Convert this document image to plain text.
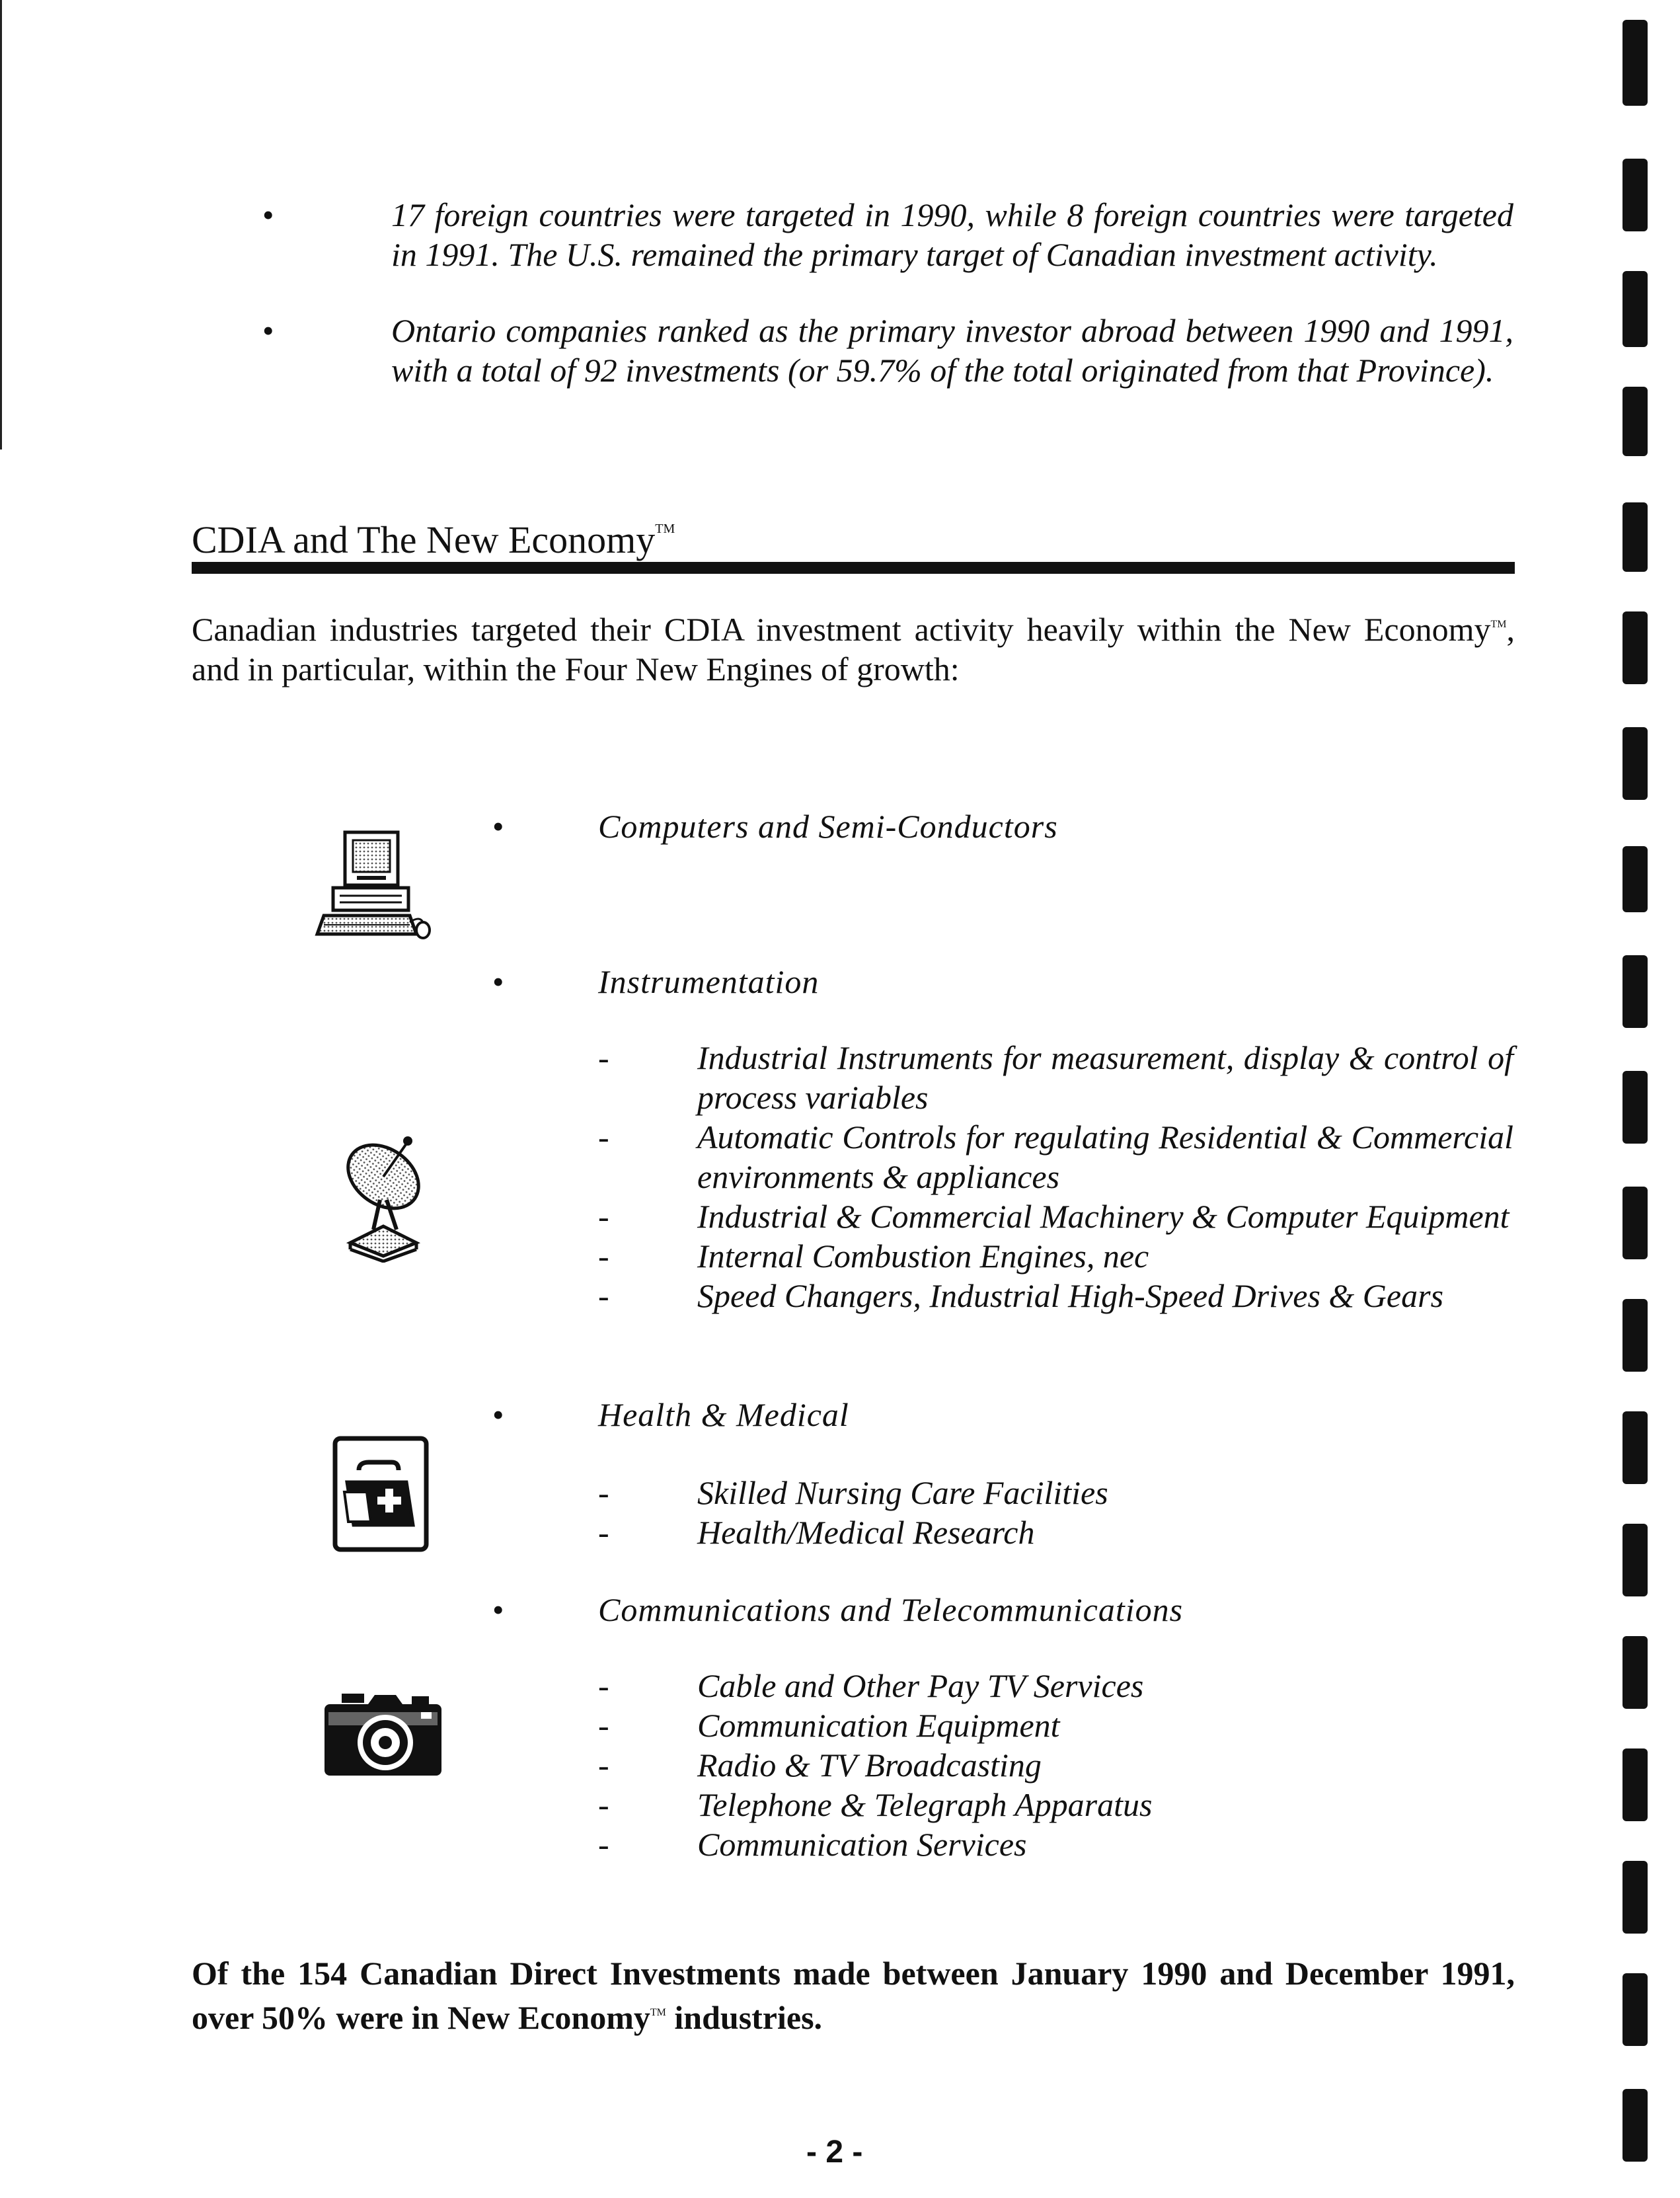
•	17 foreign countries were targeted in 1990, while 8 foreign countries were targeted in 1991. The U.S. remained the primary target of Canadian investment activity.
•	Ontario companies ranked as the primary investor abroad between 1990 and 1991, with a total of 92 investments (or 59.7% of the total originated from that Province).
CDIA and The New Economy™
Canadian industries targeted their CDIA investment activity heavily within the New Economy™, and in particular, within the Four New Engines of growth:
•	Computers and Semi-Conductors
•	Instrumentation
-	Industrial Instruments for measurement, display & control of process variables
-	Automatic Controls for regulating Residential & Commercial environments & appliances
-	Industrial & Commercial Machinery & Computer Equipment
-	Internal Combustion Engines, nec
-	Speed Changers, Industrial High-Speed Drives & Gears
•	Health & Medical
-	Skilled Nursing Care Facilities
-	Health/Medical Research
•	Communications and Telecommunications
-	Cable and Other Pay TV Services
-	Communication Equipment
-	Radio & TV Broadcasting
-	Telephone & Telegraph Apparatus
-	Communication Services
Of the 154 Canadian Direct Investments made between January 1990 and December 1991, over 50% were in New Economy™ industries.
- 2 -
